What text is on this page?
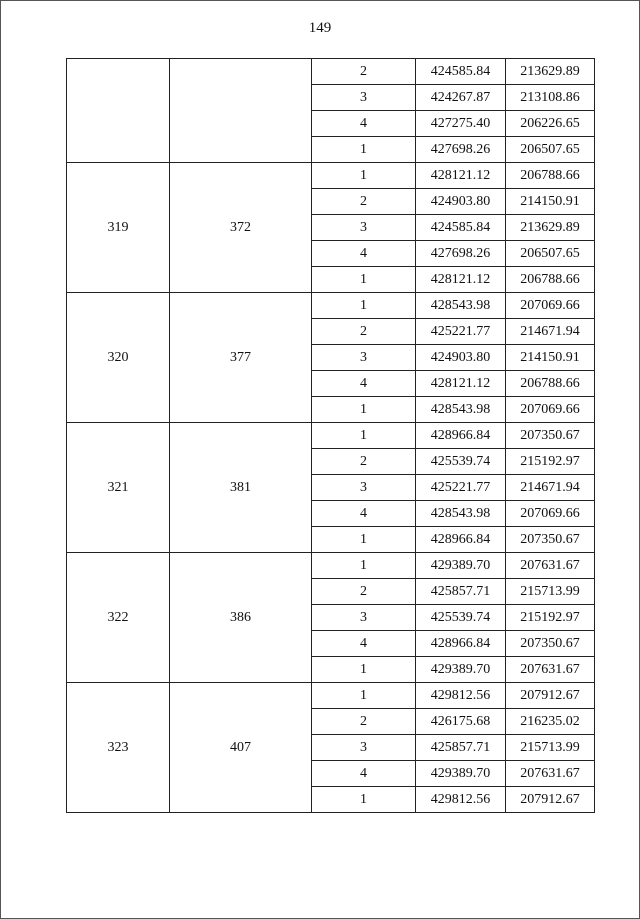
149
		2	424585.84	213629.89
		3	424267.87	213108.86
		4	427275.40	206226.65
		1	427698.26	206507.65
319	372	1	428121.12	206788.66
		2	424903.80	214150.91
		3	424585.84	213629.89
		4	427698.26	206507.65
		1	428121.12	206788.66
320	377	1	428543.98	207069.66
		2	425221.77	214671.94
		3	424903.80	214150.91
		4	428121.12	206788.66
		1	428543.98	207069.66
321	381	1	428966.84	207350.67
		2	425539.74	215192.97
		3	425221.77	214671.94
		4	428543.98	207069.66
		1	428966.84	207350.67
322	386	1	429389.70	207631.67
		2	425857.71	215713.99
		3	425539.74	215192.97
		4	428966.84	207350.67
		1	429389.70	207631.67
323	407	1	429812.56	207912.67
		2	426175.68	216235.02
		3	425857.71	215713.99
		4	429389.70	207631.67
		1	429812.56	207912.67
